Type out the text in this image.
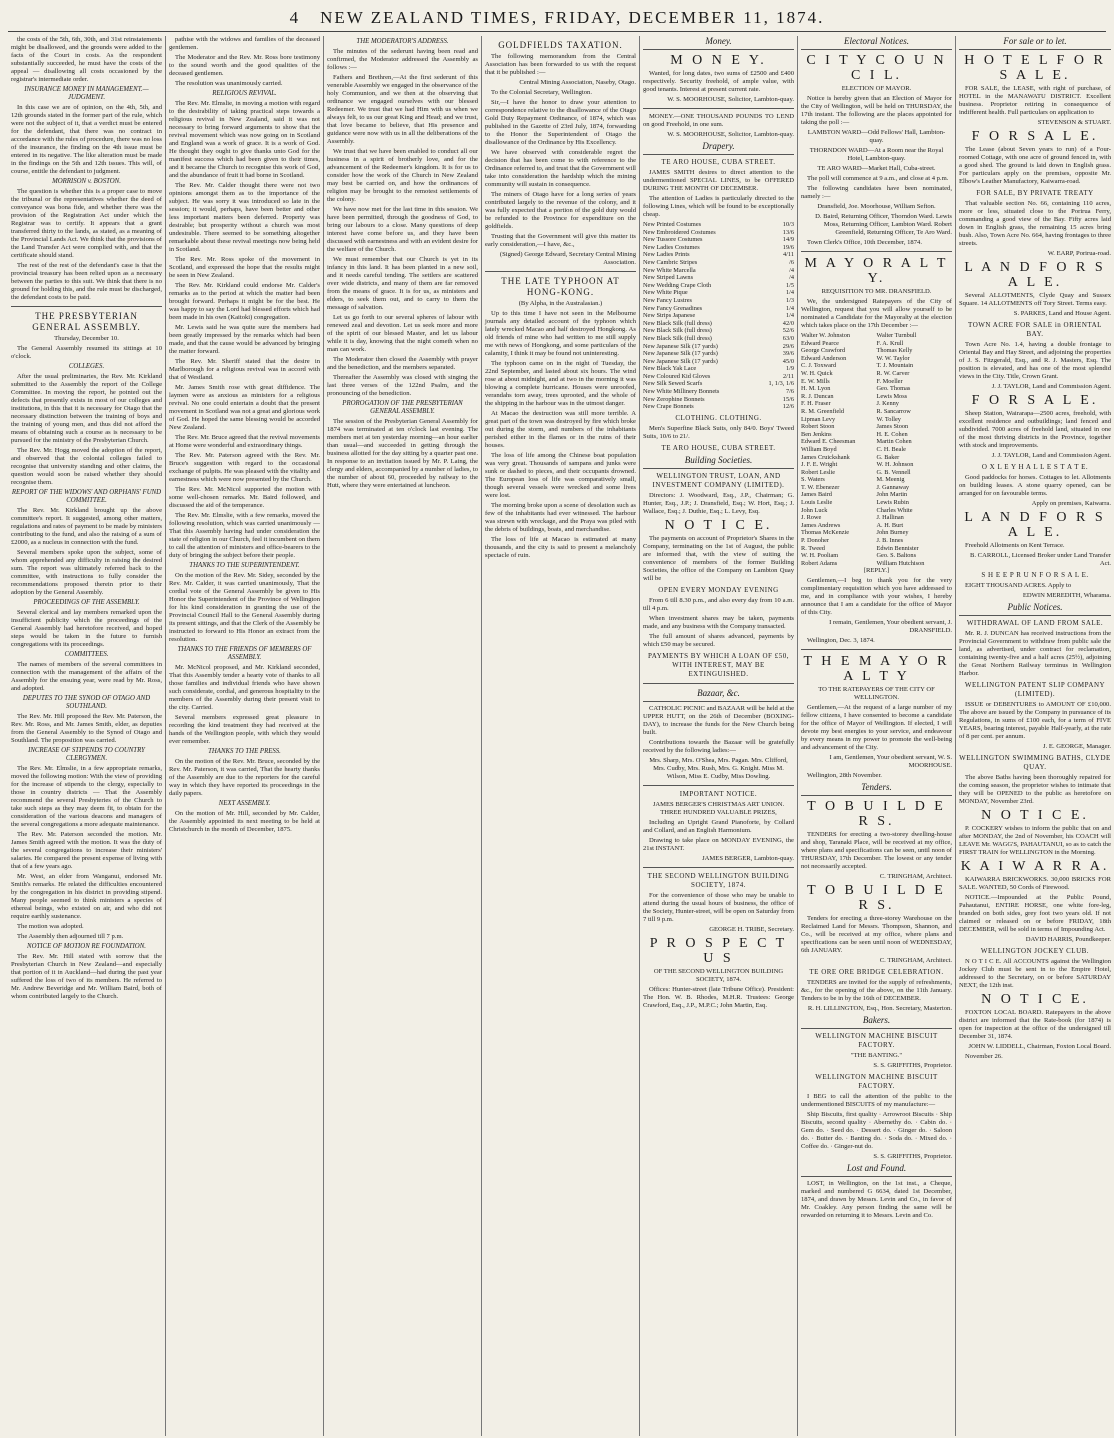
4 NEW ZEALAND TIMES, FRIDAY, DECEMBER 11, 1874.

the costs of the 5th, 6th, 30th, and 31st reinstatements might be disallowed, and the grounds were added to the facts of the Court in costs. As the respondent substantially succeeded, he must have the costs of the appeal — disallowing all costs occasioned by the registrar's intermediate order.

INSURANCE MONEY IN MANAGEMENT.—JUDGMENT.

In this case we are of opinion, on the 4th, 5th, and 12th grounds stated in the former part of the rule, which were not the subject of it, that a verdict must be entered for the defendant, that there was no contract in accordance with the rules of procedure, there was no loss of the insurance, the finding on the 4th issue must be entered in its negative. The like alteration must be made in the findings on the 5th and 12th issues. This will, of course, entitle the defendant to judgment.

MORRISON v. BOSTON.

The question is whether this is a proper case to move the tribunal or the representatives whether the deed of conveyance was bona fide, and whether there was the provision of the Registration Act under which the Registrar was to certify. It appears that a grant transferred thirty to the lands, as stated, as a meaning of the Provincial Lands Act. We think that the provisions of the Land Transfer Act were complied with, and that the certificate should stand.

The rest of the rest of the defendant's case is that the provincial treasury has been relied upon as a necessary between the parties to this suit. We think that there is no ground for holding this, and the rule must be discharged, the defendant costs to be paid.

THE PRESBYTERIAN GENERAL ASSEMBLY.

Thursday, December 10.

The General Assembly resumed its sittings at 10 o'clock.

COLLEGES.

After the usual preliminaries, the Rev. Mr. Kirkland submitted to the Assembly the report of the College Committee. In moving the report, he pointed out the defects that presently exists in most of our colleges and institutions, in this that it is necessary for Otago that the necessary distinction between the training of boys and the training of young men, and thus did not afford the means of obtaining such a course as is necessary to be pursued for the ministry of the Presbyterian Church.

The Rev. Mr. Hogg moved the adoption of the report, and observed that the colonial colleges failed to recognise that university standing and other claims, the question would soon be raised whether they should recognise them.

REPORT OF THE WIDOWS' AND ORPHANS' FUND COMMITTEE.

The Rev. Mr. Kirkland brought up the above committee's report. It suggested, among other matters, regulations and rates of payment to be made by ministers contributing to the fund, and also the raising of a sum of £2000, as a nucleus in connection with the fund.

Several members spoke upon the subject, some of whom apprehended any difficulty in raising the desired sum. The report was ultimately referred back to the committee, with instructions to fully consider the recommendations proposed therein prior to their adoption by the General Assembly.

PROCEEDINGS OF THE ASSEMBLY.

Several clerical and lay members remarked upon the insufficient publicity which the proceedings of the General Assembly had heretofore received, and hoped steps would be taken in the future to furnish congregations with its proceedings.

COMMITTEES.

The names of members of the several committees in connection with the management of the affairs of the Assembly for the ensuing year, were read by Mr. Ross, and adopted.

DEPUTES TO THE SYNOD OF OTAGO AND SOUTHLAND.

The Rev. Mr. Hill proposed the Rev. Mr. Paterson, the Rev. Mr. Ross, and Mr. James Smith, elder, as deputies from the General Assembly to the Synod of Otago and Southland. The proposition was carried.

INCREASE OF STIPENDS TO COUNTRY CLERGYMEN.

The Rev. Mr. Elmslie, in a few appropriate remarks, moved the following motion: With the view of providing for the increase of stipends to the clergy, especially to those in country districts — That the Assembly recommend the several Presbyteries of the Church to take such steps as they may deem fit, to obtain for the consideration of the various deacons and managers of the several congregations a more adequate maintenance.

The Rev. Mr. Paterson seconded the motion. Mr. James Smith agreed with the motion. It was the duty of the several congregations to increase their ministers' salaries. He compared the present expense of living with that of a few years ago.

Mr. West, an elder from Wanganui, endorsed Mr. Smith's remarks. He related the difficulties encountered by the congregation in his district in providing stipend. Many people seemed to think ministers a species of ethereal beings, who existed on air, and who did not require earthly sustenance.

The motion was adopted.

The Assembly then adjourned till 7 p.m.

NOTICE OF MOTION RE FOUNDATION.

The Rev. Mr. Hill stated with sorrow that the Presbyterian Church in New Zealand—and especially that portion of it in Auckland—had during the past year suffered the loss of two of its members. He referred to Mr. Andrew Beveridge and Mr. William Baird, both of whom contributed largely to the Church.

pathise with the widows and families of the deceased gentlemen.

The Moderator and the Rev. Mr. Ross bore testimony to the sound worth and the good qualities of the deceased gentlemen.

The resolution was unanimously carried.

RELIGIOUS REVIVAL.

The Rev. Mr. Elmslie, in moving a motion with regard to the desirability of taking practical steps towards a religious revival in New Zealand, said it was not necessary to bring forward arguments to show that the revival movement which was now going on in Scotland and England was a work of grace. It is a work of God. He thought they ought to give thanks unto God for the manifest success which had been given to their times, and it became the Church to recognise this work of God, and the abundance of fruit it had borne in Scotland.

The Rev. Mr. Calder thought there were not two opinions amongst them as to the importance of the subject. He was sorry it was introduced so late in the session; it would, perhaps, have been better and other less important matters been deferred. Property was desirable; but prosperity without a church was most undesirable. There seemed to be something altogether remarkable about these revival meetings now being held in Scotland.

The Rev. Mr. Ross spoke of the movement in Scotland, and expressed the hope that the results might be seen in New Zealand.

The Rev. Mr. Kirkland could endorse Mr. Calder's remarks as to the period at which the matter had been brought forward. Perhaps it might be for the best. He was happy to say the Lord had blessed efforts which had been made in his own (Kaitoki) congregation.

Mr. Lewis said he was quite sure the members had been greatly impressed by the remarks which had been made, and that the cause would be advanced by bringing the matter forward.

The Rev. Mr. Sheriff stated that the desire in Marlborough for a religious revival was in accord with that of Westland.

Mr. James Smith rose with great diffidence. The laymen were as anxious as ministers for a religious revival. No one could entertain a doubt that the present movement in Scotland was not a great and glorious work of God. He hoped the same blessing would be accorded New Zealand.

The Rev. Mr. Bruce agreed that the revival movements at Home were wonderful and extraordinary things.

The Rev. Mr. Paterson agreed with the Rev. Mr. Bruce's suggestion with regard to the occasional exchange of pulpits. He was pleased with the vitality and earnestness which were now presented by the Church.

The Rev. Mr. McNicol supported the motion with some well-chosen remarks. Mr. Baird followed, and discussed the aid of the temperance.

The Rev. Mr. Elmslie, with a few remarks, moved the following resolution, which was carried unanimously — That this Assembly having had under consideration the state of religion in our Church, feel it incumbent on them to call the attention of ministers and office-bearers to the duty of bringing the subject before their people.

THANKS TO THE SUPERINTENDENT.

On the motion of the Rev. Mr. Sidey, seconded by the Rev. Mr. Calder, it was carried unanimously, That the cordial vote of the General Assembly be given to His Honor the Superintendent of the Province of Wellington for his kind consideration in granting the use of the Provincial Council Hall to the General Assembly during its present sittings, and that the Clerk of the Assembly be instructed to forward to His Honor an extract from the resolution.

THANKS TO THE FRIENDS OF MEMBERS OF ASSEMBLY.

Mr. McNicol proposed, and Mr. Kirkland seconded, That this Assembly tender a hearty vote of thanks to all those families and individual friends who have shown such considerate, cordial, and generous hospitality to the members of the Assembly during their present visit to the city. Carried.

Several members expressed great pleasure in recording the kind treatment they had received at the hands of the Wellington people, with which they would ever remember.

THANKS TO THE PRESS.

On the motion of the Rev. Mr. Bruce, seconded by the Rev. Mr. Paterson, it was carried, That the hearty thanks of the Assembly are due to the reporters for the careful way in which they have reported its proceedings in the daily papers.

NEXT ASSEMBLY.

On the motion of Mr. Hill, seconded by Mr. Calder, the Assembly appointed its next meeting to be held at Christchurch in the month of December, 1875.

THE MODERATOR'S ADDRESS.

The minutes of the sederunt having been read and confirmed, the Moderator addressed the Assembly as follows :—

Fathers and Brethren,—At the first sederunt of this venerable Assembly we engaged in the observance of the holy Communion, and we then at the observing that ordinance we engaged ourselves with our blessed Redeemer. We trust that we had Him with us when we always felt, to us our great King and Head; and we trust, that love became to believe, that His presence and guidance were now with us in all the deliberations of the Assembly.

We trust that we have been enabled to conduct all our business in a spirit of brotherly love, and for the advancement of the Redeemer's kingdom. It is for us to consider how the work of the Church in New Zealand may best be carried on, and how the ordinances of religion may be brought to the remotest settlements of the colony.

We have now met for the last time in this session. We have been permitted, through the goodness of God, to bring our labours to a close. Many questions of deep interest have come before us, and they have been discussed with earnestness and with an evident desire for the welfare of the Church.

We must remember that our Church is yet in its infancy in this land. It has been planted in a new soil, and it needs careful tending. The settlers are scattered over wide districts, and many of them are far removed from the means of grace. It is for us, as ministers and elders, to seek them out, and to carry to them the message of salvation.

Let us go forth to our several spheres of labour with renewed zeal and devotion. Let us seek more and more of the spirit of our blessed Master, and let us labour while it is day, knowing that the night cometh when no man can work.

The Moderator then closed the Assembly with prayer and the benediction, and the members separated.

Thereafter the Assembly was closed with singing the last three verses of the 122nd Psalm, and the pronouncing of the benediction.

PROROGATION OF THE PRESBYTERIAN GENERAL ASSEMBLY.

The session of the Presbyterian General Assembly for 1874 was terminated at ten o'clock last evening. The members met at ten yesterday morning—an hour earlier than usual—and succeeded in getting through the business allotted for the day sitting by a quarter past one. In response to an invitation issued by Mr. P. Laing, the clergy and elders, accompanied by a number of ladies, to the number of about 60, proceeded by railway to the Hutt, where they were entertained at luncheon.

GOLDFIELDS TAXATION.

The following memorandum from the Central Association has been forwarded to us with the request that it be published :—

Central Mining Association, Naseby, Otago.

To the Colonial Secretary, Wellington.

Sir,—I have the honor to draw your attention to correspondence relative to the disallowance of the Otago Gold Duty Repayment Ordinance, of 1874, which was published in the Gazette of 23rd July, 1874, forwarding to the Honor the Superintendent of Otago the disallowance of the Ordinance by His Excellency.

We have observed with considerable regret the decision that has been come to with reference to the Ordinance referred to, and trust that the Government will take into consideration the hardship which the mining community will sustain in consequence.

The miners of Otago have for a long series of years contributed largely to the revenue of the colony, and it was fully expected that a portion of the gold duty would be refunded to the Province for expenditure on the goldfields.

Trusting that the Government will give this matter its early consideration,—I have, &c.,

(Signed) George Edward, Secretary Central Mining Association.

THE LATE TYPHOON AT HONG-KONG.

(By Alpha, in the Australasian.)

Up to this time I have not seen in the Melbourne journals any detailed account of the typhoon which lately wrecked Macao and half destroyed Hongkong. As old friends of mine who had written to me still supply me with news of Hongkong, and some particulars of the calamity, I think it may be found not uninteresting.

The typhoon came on in the night of Tuesday, the 22nd September, and lasted about six hours. The wind rose at about midnight, and at two in the morning it was blowing a complete hurricane. Houses were unroofed, verandahs torn away, trees uprooted, and the whole of the shipping in the harbour was in the utmost danger.

At Macao the destruction was still more terrible. A great part of the town was destroyed by fire which broke out during the storm, and numbers of the inhabitants perished either in the flames or in the ruins of their houses.

The loss of life among the Chinese boat population was very great. Thousands of sampans and junks were sunk or dashed to pieces, and their occupants drowned. The European loss of life was comparatively small, though several vessels were wrecked and some lives were lost.

The morning broke upon a scene of desolation such as few of the inhabitants had ever witnessed. The harbour was strewn with wreckage, and the Praya was piled with the debris of buildings, boats, and merchandise.

The loss of life at Macao is estimated at many thousands, and the city is said to present a melancholy spectacle of ruin.

Money.
M O N E Y.

Wanted, for long dates, two sums of £2500 and £400 respectively. Security freehold, of ample value, with good tenants. Interest at present current rate.

W. S. MOORHOUSE, Solicitor, Lambton-quay.

MONEY.—ONE THOUSAND POUNDS TO LEND on good Freehold, in one sum.

W. S. MOORHOUSE, Solicitor, Lambton-quay.

Drapery.
TE ARO HOUSE, CUBA STREET.

JAMES SMITH desires to direct attention to the undermentioned SPECIAL LINES, to be OFFERED DURING THE MONTH OF DECEMBER.

The attention of Ladies is particularly directed to the following Lines, which will be found to be exceptionally cheap.

New Printed Costumes	10/3
New Embroidered Costumes	13/6
New Tussore Costumes	14/9
New Ladies Costumes	19/6
New Ladies Prints	4/11
New Cambric Stripes	/6
New White Marcella	/4
New Striped Lawns	/4
New Wedding Crape Cloth	1/5
New White Pique	1/4
New Fancy Lustres	1/3
New Fancy Grenadines	1/4
New Strips Japanese	1/4
New Black Silk (full dress)	42/0
New Black Silk (full dress)	52/6
New Black Silk (full dress)	63/0
New Japanese Silk (17 yards)	29/6
New Japanese Silk (17 yards)	39/6
New Japanese Silk (17 yards)	45/0
New Black Yak Lace	1/9
New Coloured Kid Gloves	2/11
New Silk Sewed Scarfs	1, 1/3, 1/6
New White Millinery Bonnets	7/6
New Zerophine Bonnets	15/6
New Crape Bonnets	12/6
CLOTHING. CLOTHING.

Men's Superfine Black Suits, only 84/0. Boys' Tweed Suits, 10/6 to 21/.

TE ARO HOUSE, CUBA STREET.
Building Societies.
WELLINGTON TRUST, LOAN, AND INVESTMENT COMPANY (LIMITED).

Directors: J. Woodward, Esq., J.P., Chairman; G. Hunter, Esq., J.P.; J. Dransfield, Esq.; W. Hort, Esq.; J. Wallace, Esq.; J. Duthie, Esq.; L. Levy, Esq.

N O T I C E.

The payments on account of Proprietor's Shares in the Company, terminating on the 1st of August, the public are informed that, with the view of suiting the convenience of members of the former Building Societies, the office of the Company on Lambton Quay will be

OPEN EVERY MONDAY EVENING

From 6 till 8.30 p.m., and also every day from 10 a.m. till 4 p.m.

When investment shares may be taken, payments made, and any business with the Company transacted.

The full amount of shares advanced, payments by which £50 may be secured.

PAYMENTS BY WHICH A LOAN OF £50, WITH INTEREST, MAY BE EXTINGUISHED.
Bazaar, &c.

CATHOLIC PICNIC and BAZAAR will be held at the UPPER HUTT, on the 26th of December (BOXING-DAY), to increase the funds for the New Church being built.

Contributions towards the Bazaar will be gratefully received by the following ladies:—

Mrs. Sharp, Mrs. O'Shea, Mrs. Pagan. Mrs. Clifford, Mrs. Cudby, Mrs. Rush, Mrs. G. Knight. Miss M. Wilson, Miss E. Cudby, Miss Dowling.

IMPORTANT NOTICE.

JAMES BERGER'S CHRISTMAS ART UNION. THREE HUNDRED VALUABLE PRIZES,

Including an Upright Grand Pianoforte, by Collard and Collard, and an English Harmonium.

Drawing to take place on MONDAY EVENING, the 21st INSTANT.

JAMES BERGER, Lambton-quay.

THE SECOND WELLINGTON BUILDING SOCIETY, 1874.

For the convenience of those who may be unable to attend during the usual hours of business, the office of the Society, Hunter-street, will be open on Saturday from 7 till 9 p.m.

GEORGE H. TRIBE, Secretary.

P R O S P E C T U S

OF THE SECOND WELLINGTON BUILDING SOCIETY, 1874.

Offices: Hunter-street (late Tribune Office). President: The Hon. W. B. Rhodes, M.H.R. Trustees: George Crawford, Esq., J.P., M.P.C.; John Martin, Esq.

Electoral Notices.
C I T Y C O U N C I L.

ELECTION OF MAYOR.

Notice is hereby given that an Election of Mayor for the City of Wellington, will be held on THURSDAY, the 17th instant. The following are the places appointed for taking the poll :—

LAMBTON WARD—Odd Fellows' Hall, Lambton-quay.

THORNDON WARD—At a Room near the Royal Hotel, Lambton-quay.

TE ARO WARD—Market Hall, Cuba-street.

The poll will commence at 9 a.m., and close at 4 p.m.

The following candidates have been nominated, namely :—

Dransfield, Joe. Moorhouse, William Sefton.

D. Baird, Returning Officer, Thorndon Ward. Lewis Moss, Returning Officer, Lambton Ward. Robert Greenfield, Returning Officer, Te Aro Ward.

Town Clerk's Office, 10th December, 1874.

M A Y O R A L T Y.

REQUISITION TO MR. DRANSFIELD.

We, the undersigned Ratepayers of the City of Wellington, request that you will allow yourself to be nominated a Candidate for the Mayoralty at the election which takes place on the 17th December :—

Walter W. Johnston	Walter Turnbull
Edward Pearce	F. A. Krull
George Crawford	Thomas Kelly
Edward Anderson	W. W. Taylor
C. J. Toxward	T. J. Mountain
W. H. Quick	R. W. Carver
E. W. Mills	F. Moeller
H. M. Lyon	Geo. Thomas
R. J. Duncan	Lewis Moss
F. H. Fraser	J. Kenny
R. M. Greenfield	R. Sancarrow
Lipman Levy	W. Tolley
Robert Stoon	James Stoon
Ben Jenkins	H. E. Cohen
Edward E. Cheesman	Martin Cohen
William Boyd	C. H. Beale
James Cruickshank	G. Baker
J. F. E. Wright	W. H. Johnson
Robert Leslie	G. B. Vennell
S. Waters	M. Meenig
T. W. Ebenezer	J. Gannaway
James Baird	John Martin
Louis Leslie	Lewis Rubin
John Luck	Charles White
J. Rowe	J. Hallinan
James Andrews	A. H. Burt
Thomas McKenzie	John Burney
P. Donoher	J. B. Innes
R. Tweed	Edwin Bennister
W. H. Pooliam	Geo. S. Baltons
Robert Adams	William Hutchison

[REPLY.]

Gentlemen,—I beg to thank you for the very complimentary requisition which you have addressed to me, and in compliance with your wishes, I hereby announce that I am a candidate for the office of Mayor of this City.

I remain, Gentlemen, Your obedient servant, J. DRANSFIELD.

Wellington, Dec. 3, 1874.

T H E M A Y O R A L T Y

TO THE RATEPAYERS OF THE CITY OF WELLINGTON.

Gentlemen,—At the request of a large number of my fellow citizens, I have consented to become a candidate for the office of Mayor of Wellington. If elected, I will devote my best energies to your service, and endeavour by every means in my power to promote the well-being and advancement of the City.

I am, Gentlemen, Your obedient servant, W. S. MOORHOUSE.

Wellington, 28th November.

Tenders.
T O B U I L D E R S.

TENDERS for erecting a two-storey dwelling-house and shop, Taranaki Place, will be received at my office, where plans and specifications can be seen, until noon of THURSDAY, 17th December. The lowest or any tender not necessarily accepted.

C. TRINGHAM, Architect.

T O B U I L D E R S.

Tenders for erecting a three-storey Warehouse on the Reclaimed Land for Messrs. Thompson, Shannon, and Co., will be received at my office, where plans and specifications can be seen until noon of WEDNESDAY, 6th JANUARY.

C. TRINGHAM, Architect.

TE ORE ORE BRIDGE CELEBRATION.

TENDERS are invited for the supply of refreshments, &c., for the opening of the above, on the 11th January. Tenders to be in by the 16th of DECEMBER.

R. H. LILLINGTON, Esq., Hon. Secretary, Masterton.

Bakers.
WELLINGTON MACHINE BISCUIT FACTORY.

"THE BANTING."

S. S. GRIFFITHS, Proprietor.

WELLINGTON MACHINE BISCUIT FACTORY.

I BEG to call the attention of the public to the undermentioned BISCUITS of my manufacture:—

Ship Biscuits, first quality · Arrowroot Biscuits · Ship Biscuits, second quality · Abernethy do. · Cabin do. · Gem do. · Seed do. · Dessert do. · Ginger do. · Saloon do. · Butter do. · Banting do. · Soda do. · Mixed do. · Coffee do. · Ginger-nut do.

S. S. GRIFFITHS, Proprietor.

Lost and Found.

LOST, in Wellington, on the 1st inst., a Cheque, marked and numbered G 6634, dated 1st December, 1874, and drawn by Messrs. Levin and Co., in favor of Mr. Coakley. Any person finding the same will be rewarded on returning it to Messrs. Levin and Co.

For sale or to let.
H O T E L F O R S A L E.

FOR SALE, the LEASE, with right of purchase, of HOTEL in the MANAWATU DISTRICT. Excellent business. Proprietor retiring in consequence of indifferent health. Full particulars on application to

STEVENSON & STUART.

F O R S A L E.

The Lease (about Seven years to run) of a Four-roomed Cottage, with one acre of ground fenced in, with a good shed. The ground is laid down in English grass. For particulars apply on the premises, opposite Mr. Elbow's Leather Manufactory, Kaiwarra-road.

FOR SALE, BY PRIVATE TREATY

That valuable section No. 66, containing 110 acres, more or less, situated close to the Porirua Ferry, commanding a good view of the Bay. Fifty acres laid down in English grass, the remaining 15 acres bring bush. Also, Town Acre No. 664, having frontages to three streets.

W. EARP, Porirua-road.

L A N D F O R S A L E.

Several ALLOTMENTS, Clyde Quay and Sussex Square. 14 ALLOTMENTS off Tory Street. Terms easy.

S. PARKES, Land and House Agent.

TOWN ACRE FOR SALE in ORIENTAL BAY.

Town Acre No. 1.4, having a double frontage to Oriental Bay and Hay Street, and adjoining the properties of J. S. Fitzgerald, Esq., and R. J. Masters, Esq. The position is elevated, and has one of the most splendid views in the City. Title, Crown Grant.

J. J. TAYLOR, Land and Commission Agent.

F O R S A L E.

Sheep Station, Wairarapa—2500 acres, freehold, with excellent residence and outbuildings; land fenced and subdivided. 7000 acres of freehold land, situated in one of the most thriving districts in the Province, together with stock and improvements.

J. J. TAYLOR, Land and Commission Agent.

O X L E Y H A L L E S T A T E.

Good paddocks for horses. Cottages to let. Allotments on building leases. A stone quarry opened, can be arranged for on favourable terms.

Apply on premises, Kaiwarra.

L A N D F O R S A L E.

Freehold Allotments on Kent Terrace.

B. CARROLL, Licensed Broker under Land Transfer Act.

S H E E P R U N F O R S A L E.

EIGHT THOUSAND ACRES. Apply to

EDWIN MEREDITH, Wharama.

Public Notices.
WITHDRAWAL OF LAND FROM SALE.

Mr. R. J. DUNCAN has received instructions from the Provincial Government to withdraw from public sale the land, as advertised, under contract for reclamation, containing twenty-five and a half acres (25½), adjoining the Great Northern Railway terminus in Wellington Harbor.

WELLINGTON PATENT SLIP COMPANY (LIMITED).

ISSUE or DEBENTURES to AMOUNT OF £10,000. The above are issued by the Company in pursuance of its Regulations, in sums of £100 each, for a term of FIVE YEARS, bearing interest, payable Half-yearly, at the rate of 8 per cent. per annum.

J. E. GEORGE, Manager.

WELLINGTON SWIMMING BATHS, CLYDE QUAY.

The above Baths having been thoroughly repaired for the coming season, the proprietor wishes to intimate that they will be OPENED to the public as heretofore on MONDAY, November 23rd.

N O T I C E.

P. COCKERY wishes to inform the public that on and after MONDAY, the 2nd of November, his COACH will LEAVE Mr. WAGG'S, PAHAUTANUI, so as to catch the FIRST TRAIN for WELLINGTON in the Morning.

K A I W A R R A.

KAIWARRA BRICKWORKS. 30,000 BRICKS FOR SALE. WANTED, 50 Cords of Firewood.

NOTICE.—Impounded at the Public Pound, Pahautanui, ENTIRE HORSE, one white fore-leg, branded on both sides, grey foot two years old. If not claimed or released on or before FRIDAY, 18th DECEMBER, will be sold in terms of Impounding Act.

DAVID HARRIS, Poundkeeper.

WELLINGTON JOCKEY CLUB.

N O T I C E. All ACCOUNTS against the Wellington Jockey Club must be sent in to the Empire Hotel, addressed to the Secretary, on or before SATURDAY NEXT, the 12th inst.

N O T I C E.

FOXTON LOCAL BOARD. Ratepayers in the above district are informed that the Rate-book (for 1874) is open for inspection at the office of the undersigned till December 31, 1874.

JOHN W. LIDDELL, Chairman, Foxton Local Board.

November 26.
